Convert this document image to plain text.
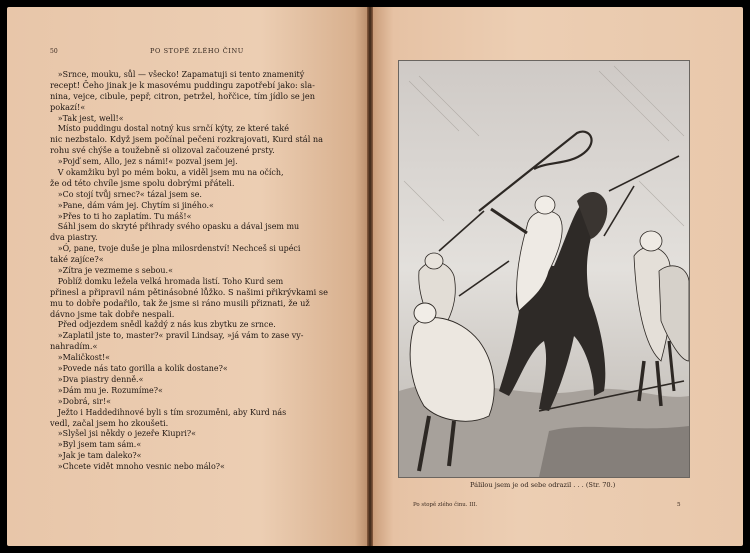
50	PO STOPĚ ZLÉHO ČINU
»Srnce, mouku, sůl — všecko! Zapamatuji si tento znamenitý
recept! Čeho jinak je k masovému puddingu zapotřebí jako: sla-
nina, vejce, cibule, pepř, citron, petržel, hořčice, tím jídlo se jen
pokazí!«
»Tak jest, well!«
Místo puddingu dostal notný kus srnčí kýty, ze které také
nic nezbstalo. Když jsem počínal pečeni rozkrajovati, Kurd stál na
rohu své chýše a toužebně si olizoval začouzené prsty.
»Pojď sem, Allo, jez s námi!« pozval jsem jej.
V okamžiku byl po mém boku, a viděl jsem mu na očích,
že od této chvíle jsme spolu dobrými přáteli.
»Co stojí tvůj srnec?« tázal jsem se.
»Pane, dám vám jej. Chytím si jiného.«
»Přes to ti ho zaplatím. Tu máš!«
Sáhl jsem do skryté přihrady svého opasku a dával jsem mu
dva piastry.
»Ó, pane, tvoje duše je plna milosrdenství! Nechceš si upéci
také zajíce?«
»Zítra je vezmeme s sebou.«
Poblíž domku ležela velká hromada listí. Toho Kurd sem
přinesl a připravil nám pětinásobné lůžko. S našimi přikrývkami se
mu to dobře podařilo, tak že jsme si ráno musili přiznati, že už
dávno jsme tak dobře nespali.
Před odjezdem snědl každý z nás kus zbytku ze srnce.
»Zaplatil jste to, master?« pravil Lindsay, »já vám to zase vy-
nahradím.«
»Maličkost!«
»Povede nás tato gorilla a kolik dostane?«
»Dva piastry denně.«
»Dám mu je. Rozumíme?«
»Dobrá, sir!«
Ježto i Haddedihnové byli s tím srozuměni, aby Kurd nás
vedl, začal jsem ho zkoušeti.
»Slyšel jsi někdy o jezeře Kiupri?«
»Byl jsem tam sám.«
»Jak je tam daleko?«
»Chcete vidět mnoho vesnic nebo málo?«
Pálilou jsem je od sebe odrazil . . . (Str. 70.)
Po stopě zlého činu. III.	5
